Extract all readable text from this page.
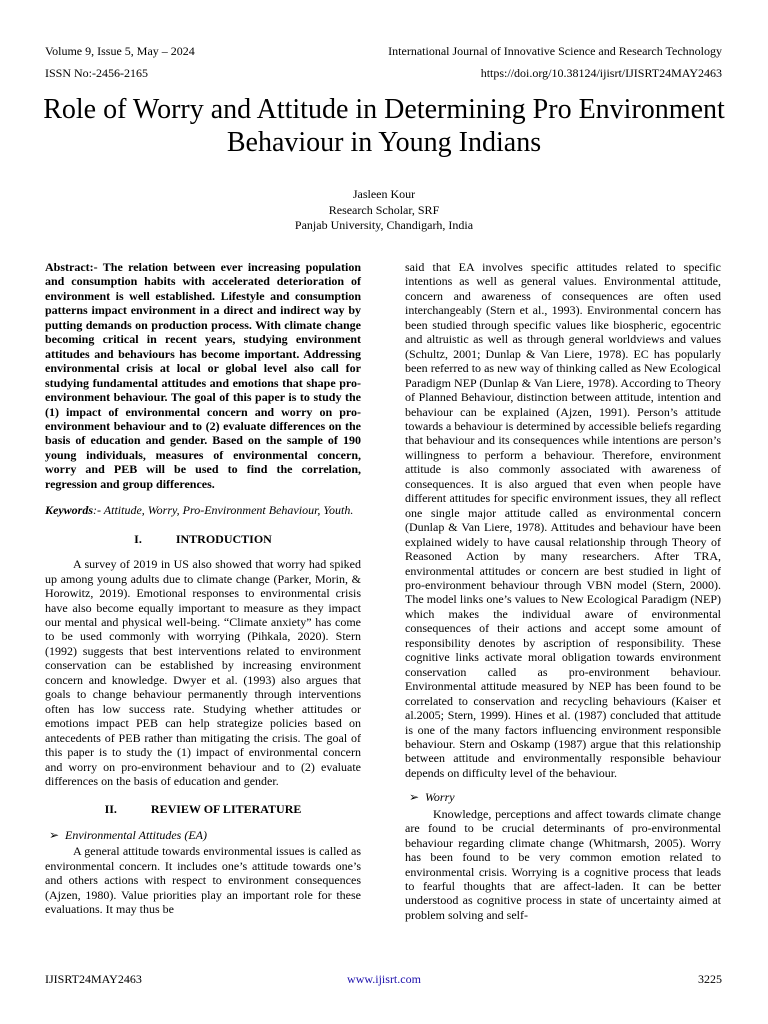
Volume 9, Issue 5, May – 2024	International Journal of Innovative Science and Research Technology
ISSN No:-2456-2165	https://doi.org/10.38124/ijisrt/IJISRT24MAY2463
Role of Worry and Attitude in Determining Pro Environment Behaviour in Young Indians
Jasleen Kour
Research Scholar, SRF
Panjab University, Chandigarh, India

Abstract:- The relation between ever increasing population and consumption habits with accelerated deterioration of environment is well established. Lifestyle and consumption patterns impact environment in a direct and indirect way by putting demands on production process. With climate change becoming critical in recent years, studying environment attitudes and behaviours has become important. Addressing environmental crisis at local or global level also call for studying fundamental attitudes and emotions that shape pro-environment behaviour. The goal of this paper is to study the (1) impact of environmental concern and worry on pro-environment behaviour and to (2) evaluate differences on the basis of education and gender. Based on the sample of 190 young individuals, measures of environmental concern, worry and PEB will be used to find the correlation, regression and group differences.

Keywords:- Attitude, Worry, Pro-Environment Behaviour, Youth.

I.	INTRODUCTION

A survey of 2019 in US also showed that worry had spiked up among young adults due to climate change (Parker, Morin, & Horowitz, 2019). Emotional responses to environmental crisis have also become equally important to measure as they impact our mental and physical well-being. “Climate anxiety” has come to be used commonly with worrying (Pihkala, 2020). Stern (1992) suggests that best interventions related to environment conservation can be established by increasing environment concern and knowledge. Dwyer et al. (1993) also argues that goals to change behaviour permanently through interventions often has low success rate. Studying whether attitudes or emotions impact PEB can help strategize policies based on antecedents of PEB rather than mitigating the crisis. The goal of this paper is to study the (1) impact of environmental concern and worry on pro-environment behaviour and to (2) evaluate differences on the basis of education and gender.

II.	REVIEW OF LITERATURE
➢ Environmental Attitudes (EA)

A general attitude towards environmental issues is called as environmental concern. It includes one’s attitude towards one’s and others actions with respect to environment consequences (Ajzen, 1980). Value priorities play an important role for these evaluations. It may thus be

said that EA involves specific attitudes related to specific intentions as well as general values. Environmental attitude, concern and awareness of consequences are often used interchangeably (Stern et al., 1993). Environmental concern has been studied through specific values like biospheric, egocentric and altruistic as well as through general worldviews and values (Schultz, 2001; Dunlap & Van Liere, 1978). EC has popularly been referred to as new way of thinking called as New Ecological Paradigm NEP (Dunlap & Van Liere, 1978). According to Theory of Planned Behaviour, distinction between attitude, intention and behaviour can be explained (Ajzen, 1991). Person’s attitude towards a behaviour is determined by accessible beliefs regarding that behaviour and its consequences while intentions are person’s willingness to perform a behaviour. Therefore, environment attitude is also commonly associated with awareness of consequences. It is also argued that even when people have different attitudes for specific environment issues, they all reflect one single major attitude called as environmental concern (Dunlap & Van Liere, 1978). Attitudes and behaviour have been explained widely to have causal relationship through Theory of Reasoned Action by many researchers. After TRA, environmental attitudes or concern are best studied in light of pro-environment behaviour through VBN model (Stern, 2000). The model links one’s values to New Ecological Paradigm (NEP) which makes the individual aware of environmental consequences of their actions and accept some amount of responsibility denotes by ascription of responsibility. These cognitive links activate moral obligation towards environment conservation called as pro-environment behaviour. Environmental attitude measured by NEP has been found to be correlated to conservation and recycling behaviours (Kaiser et al.2005; Stern, 1999). Hines et al. (1987) concluded that attitude is one of the many factors influencing environment responsible behaviour. Stern and Oskamp (1987) argue that this relationship between attitude and environmentally responsible behaviour depends on difficulty level of the behaviour.

➢ Worry

Knowledge, perceptions and affect towards climate change are found to be crucial determinants of pro-environmental behaviour regarding climate change (Whitmarsh, 2005). Worry has been found to be very common emotion related to environmental crisis. Worrying is a cognitive process that leads to fearful thoughts that are affect-laden. It can be better understood as cognitive process in state of uncertainty aimed at problem solving and self-

IJISRT24MAY2463	www.ijisrt.com	3225
